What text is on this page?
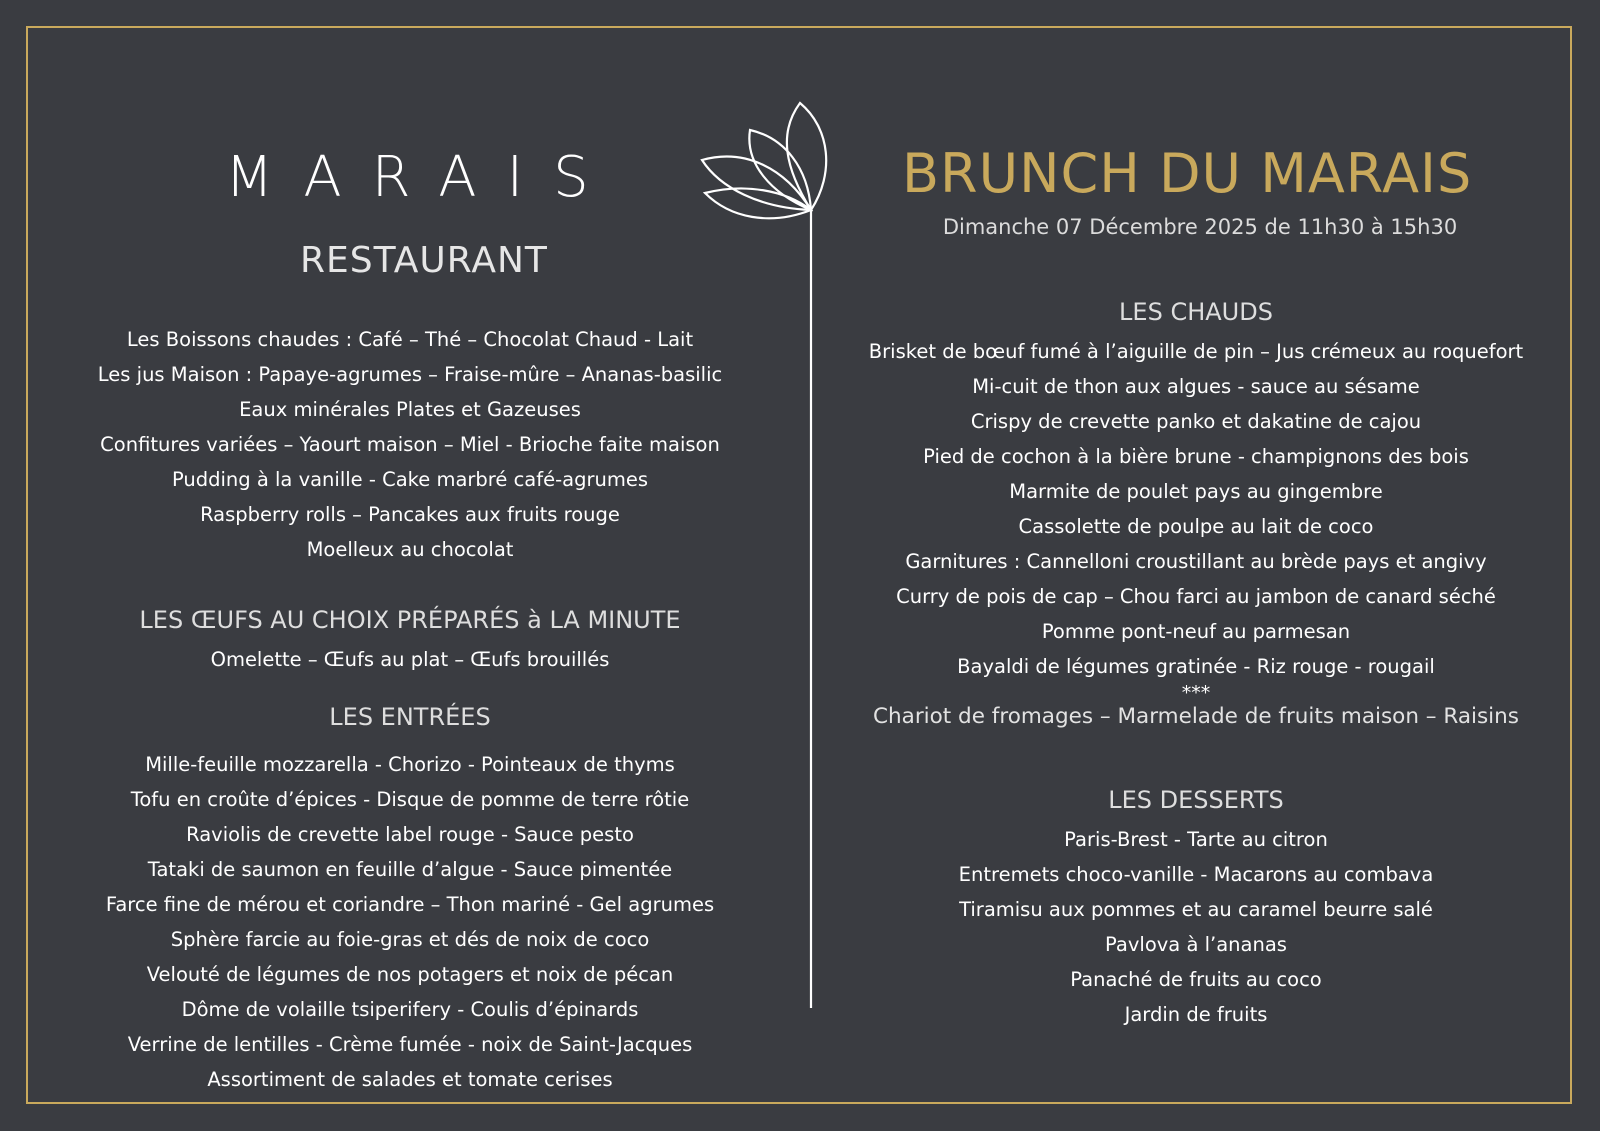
MARAIS
RESTAURANT
Les Boissons chaudes : Café – Thé – Chocolat Chaud - Lait
Les jus Maison : Papaye-agrumes – Fraise-mûre – Ananas-basilic
Eaux minérales Plates et Gazeuses
Confitures variées – Yaourt maison – Miel - Brioche faite maison
Pudding à la vanille - Cake marbré café-agrumes
Raspberry rolls – Pancakes aux fruits rouge
Moelleux au chocolat
LES ŒUFS AU CHOIX PRÉPARÉS à LA MINUTE
Omelette – Œufs au plat – Œufs brouillés
LES ENTRÉES
Mille-feuille mozzarella - Chorizo - Pointeaux de thyms
Tofu en croûte d’épices - Disque de pomme de terre rôtie
Raviolis de crevette label rouge - Sauce pesto
Tataki de saumon en feuille d’algue - Sauce pimentée
Farce fine de mérou et coriandre – Thon mariné - Gel agrumes
Sphère farcie au foie-gras et dés de noix de coco
Velouté de légumes de nos potagers et noix de pécan
Dôme de volaille tsiperifery - Coulis d’épinards
Verrine de lentilles - Crème fumée - noix de Saint-Jacques
Assortiment de salades et tomate cerises
BRUNCH DU MARAIS
Dimanche 07 Décembre 2025 de 11h30 à 15h30
LES CHAUDS
Brisket de bœuf fumé à l’aiguille de pin – Jus crémeux au roquefort
Mi-cuit de thon aux algues - sauce au sésame
Crispy de crevette panko et dakatine de cajou
Pied de cochon à la bière brune - champignons des bois
Marmite de poulet pays au gingembre
Cassolette de poulpe au lait de coco
Garnitures : Cannelloni croustillant au brède pays et angivy
Curry de pois de cap – Chou farci au jambon de canard séché
Pomme pont-neuf au parmesan
Bayaldi de légumes gratinée - Riz rouge - rougail
***
Chariot de fromages – Marmelade de fruits maison – Raisins
LES DESSERTS
Paris-Brest - Tarte au citron
Entremets choco-vanille - Macarons au combava
Tiramisu aux pommes et au caramel beurre salé
Pavlova à l’ananas
Panaché de fruits au coco
Jardin de fruits
